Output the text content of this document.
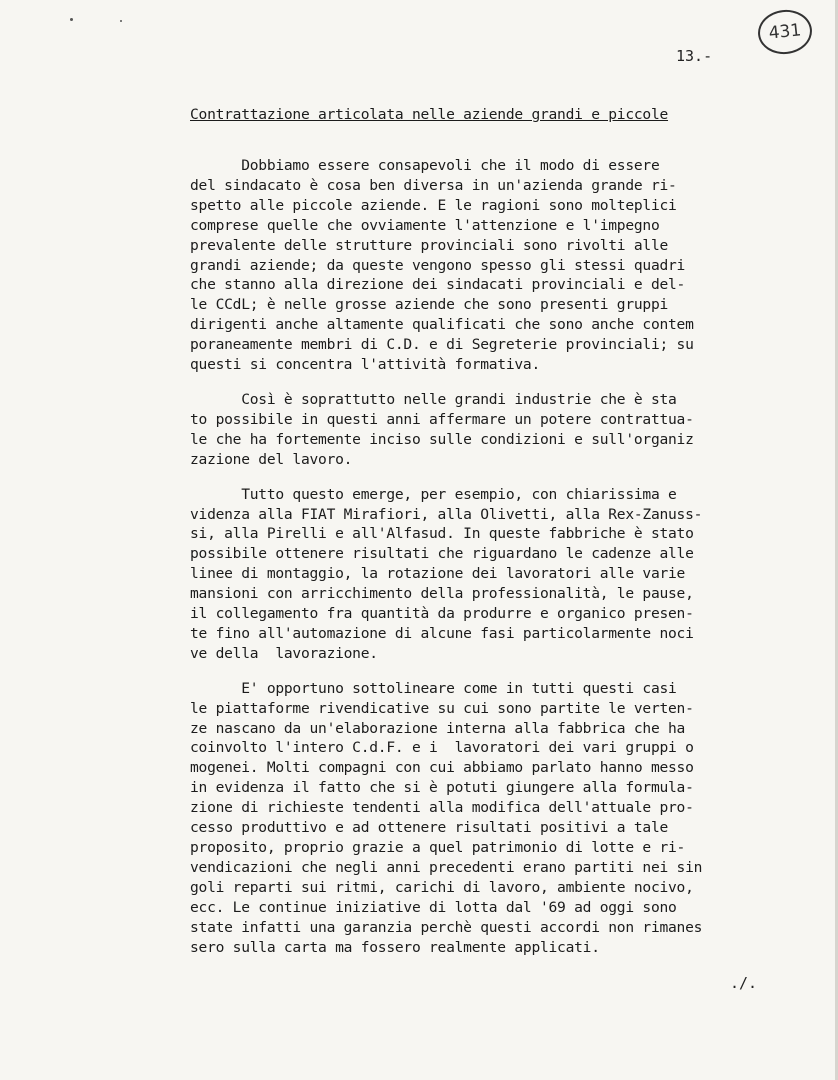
431
13.-
Contrattazione articolata nelle aziende grandi e piccole
Dobbiamo essere consapevoli che il modo di essere
del sindacato è cosa ben diversa in un'azienda grande ri-
spetto alle piccole aziende. E le ragioni sono molteplici
comprese quelle che ovviamente l'attenzione e l'impegno
prevalente delle strutture provinciali sono rivolti alle
grandi aziende; da queste vengono spesso gli stessi quadri
che stanno alla direzione dei sindacati provinciali e del-
le CCdL; è nelle grosse aziende che sono presenti gruppi
dirigenti anche altamente qualificati che sono anche contem
poraneamente membri di C.D. e di Segreterie provinciali; su
questi si concentra l'attività formativa.
Così è soprattutto nelle grandi industrie che è sta
to possibile in questi anni affermare un potere contrattua-
le che ha fortemente inciso sulle condizioni e sull'organiz
zazione del lavoro.
Tutto questo emerge, per esempio, con chiarissima e
videnza alla FIAT Mirafiori, alla Olivetti, alla Rex-Zanuss-
si, alla Pirelli e all'Alfasud. In queste fabbriche è stato
possibile ottenere risultati che riguardano le cadenze alle
linee di montaggio, la rotazione dei lavoratori alle varie
mansioni con arricchimento della professionalità, le pause,
il collegamento fra quantità da produrre e organico presen-
te fino all'automazione di alcune fasi particolarmente noci
ve della  lavorazione.
E' opportuno sottolineare come in tutti questi casi
le piattaforme rivendicative su cui sono partite le verten-
ze nascano da un'elaborazione interna alla fabbrica che ha
coinvolto l'intero C.d.F. e i  lavoratori dei vari gruppi o
mogenei. Molti compagni con cui abbiamo parlato hanno messo
in evidenza il fatto che si è potuti giungere alla formula-
zione di richieste tendenti alla modifica dell'attuale pro-
cesso produttivo e ad ottenere risultati positivi a tale
proposito, proprio grazie a quel patrimonio di lotte e ri-
vendicazioni che negli anni precedenti erano partiti nei sin
goli reparti sui ritmi, carichi di lavoro, ambiente nocivo,
ecc. Le continue iniziative di lotta dal '69 ad oggi sono
state infatti una garanzia perchè questi accordi non rimanes
sero sulla carta ma fossero realmente applicati.
./.
